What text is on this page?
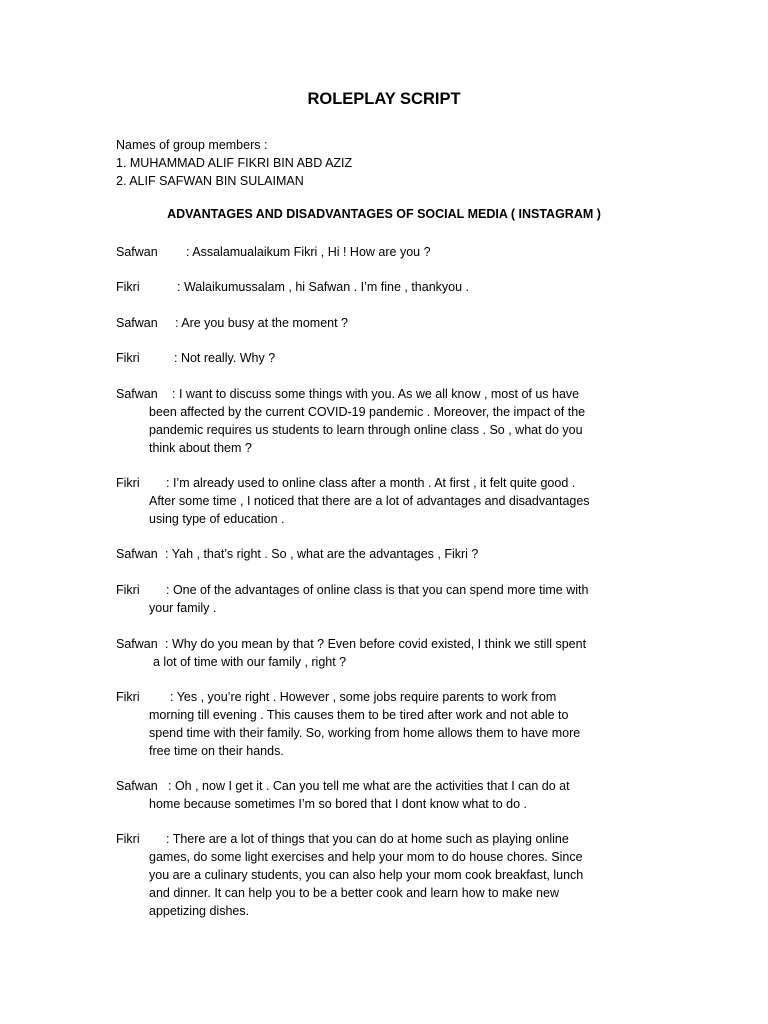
ROLEPLAY SCRIPT
Names of group members :
1. MUHAMMAD ALIF FIKRI BIN ABD AZIZ
2. ALIF SAFWAN BIN SULAIMAN
ADVANTAGES AND DISADVANTAGES OF SOCIAL MEDIA ( INSTAGRAM )
Safwan : Assalamualaikum Fikri , Hi ! How are you ?
Fikri	: Walaikumussalam , hi Safwan . I’m fine , thankyou .
Safwan : Are you busy at the moment ?
Fikri	: Not really. Why ?
Safwan : I want to discuss some things with you. As we all know , most of us have
been affected by the current COVID-19 pandemic . Moreover, the impact of the
pandemic requires us students to learn through online class . So , what do you
think about them ?
Fikri : I’m already used to online class after a month . At first , it felt quite good .
After some time , I noticed that there are a lot of advantages and disadvantages
using type of education .
Safwan : Yah , that’s right . So , what are the advantages , Fikri ?
Fikri : One of the advantages of online class is that you can spend more time with
your family .
Safwan : Why do you mean by that ? Even before covid existed, I think we still spent
a lot of time with our family , right ?
Fikri : Yes , you’re right . However , some jobs require parents to work from
morning till evening . This causes them to be tired after work and not able to
spend time with their family. So, working from home allows them to have more
free time on their hands.
Safwan : Oh , now I get it . Can you tell me what are the activities that I can do at
home because sometimes I’m so bored that I dont know what to do .
Fikri : There are a lot of things that you can do at home such as playing online
games, do some light exercises and help your mom to do house chores. Since
you are a culinary students, you can also help your mom cook breakfast, lunch
and dinner. It can help you to be a better cook and learn how to make new
appetizing dishes.
